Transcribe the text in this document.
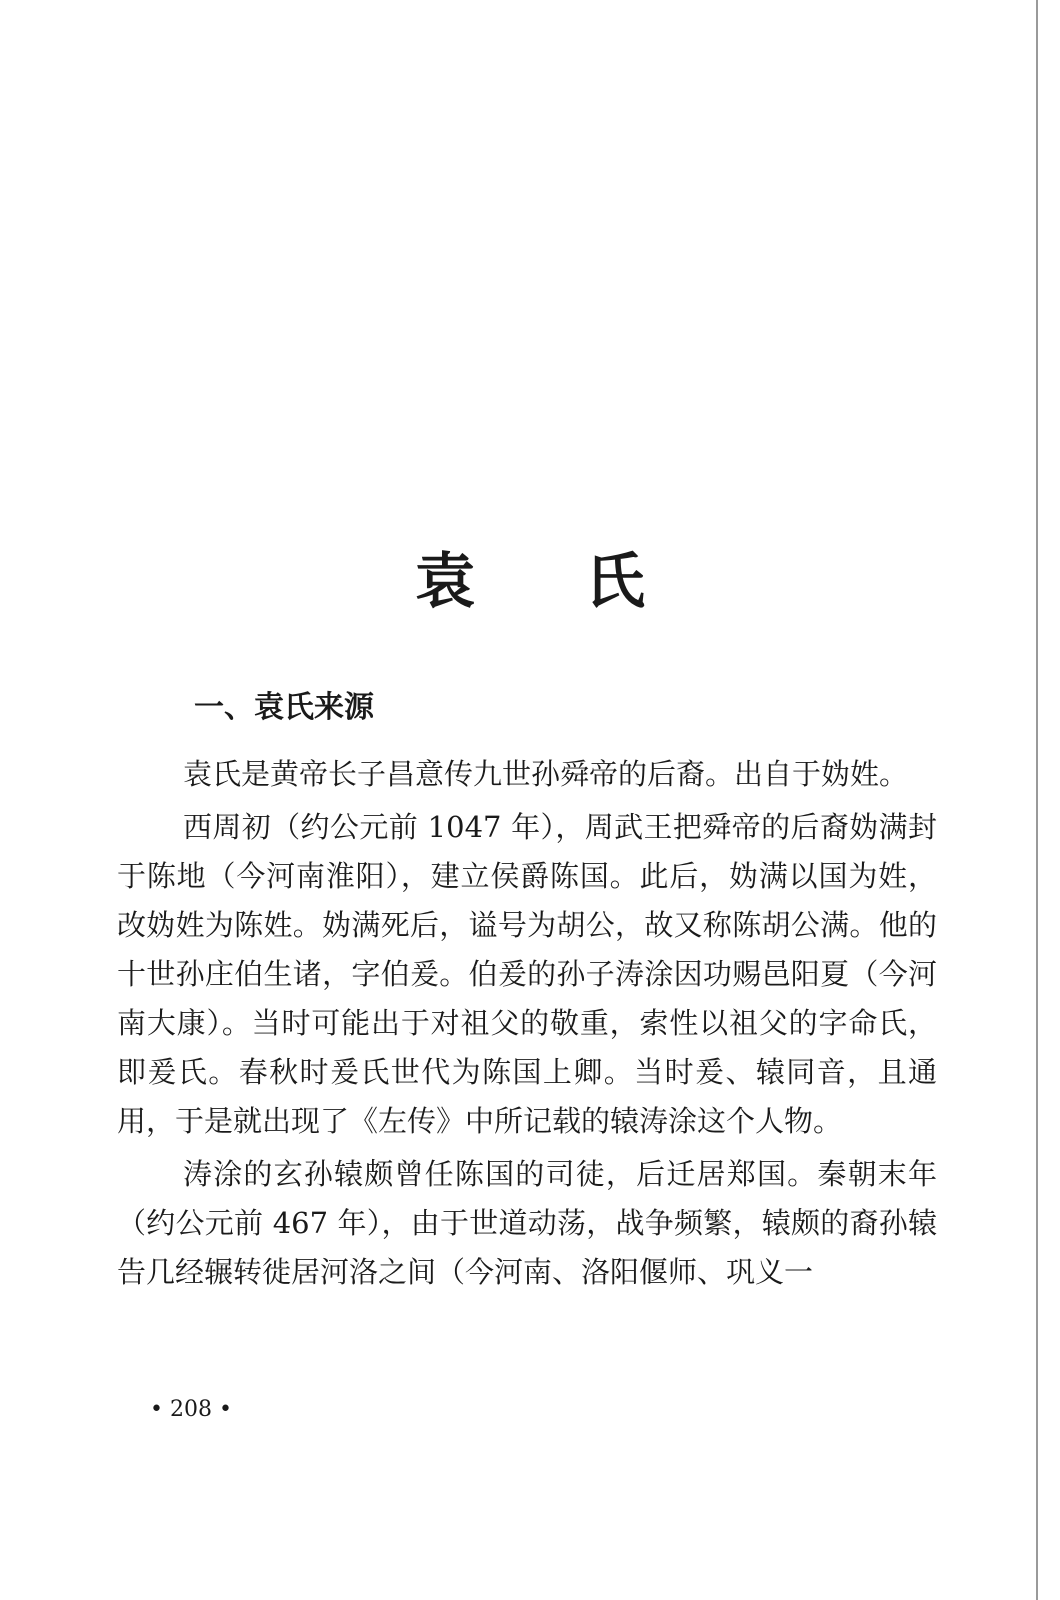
袁 氏
一、袁氏来源

袁氏是黄帝长子昌意传九世孙舜帝的后裔。出自于妫姓。

西周初（约公元前 1047 年），周武王把舜帝的后裔妫满封于陈地（今河南淮阳），建立侯爵陈国。此后，妫满以国为姓，改妫姓为陈姓。妫满死后，谥号为胡公，故又称陈胡公满。他的十世孙庄伯生诸，字伯爰。伯爰的孙子涛涂因功赐邑阳夏（今河南大康）。当时可能出于对祖父的敬重，索性以祖父的字命氏，即爰氏。春秋时爰氏世代为陈国上卿。当时爰、辕同音，且通用，于是就出现了《左传》中所记载的辕涛涂这个人物。

涛涂的玄孙辕颇曾任陈国的司徒，后迁居郑国。秦朝末年（约公元前 467 年），由于世道动荡，战争频繁，辕颇的裔孙辕告几经辗转徙居河洛之间（今河南、洛阳偃师、巩义一

• 208 •
